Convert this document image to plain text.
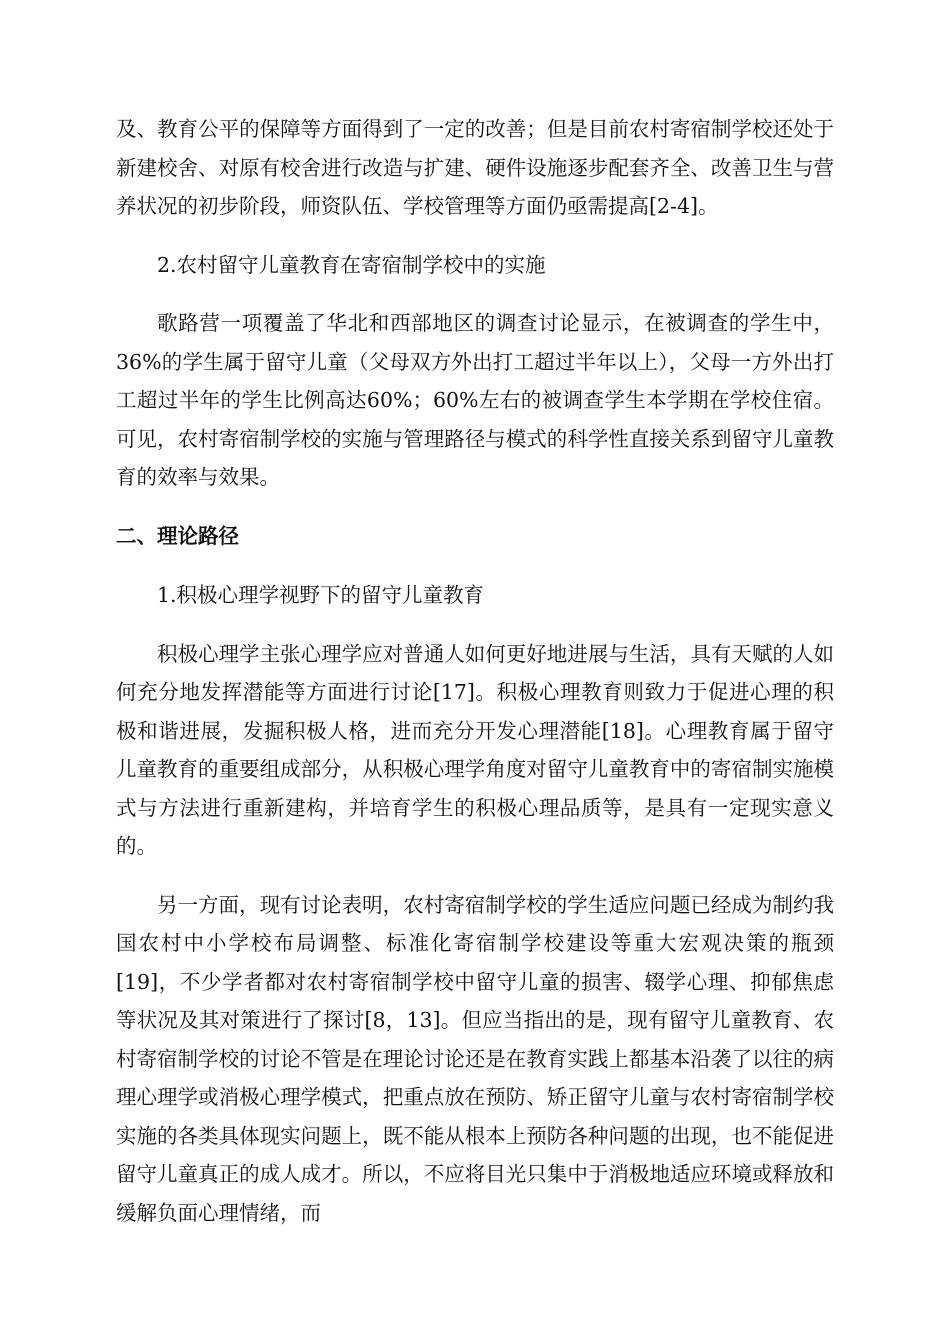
及、教育公平的保障等方面得到了一定的改善；但是目前农村寄宿制学校还处于新建校舍、对原有校舍进行改造与扩建、硬件设施逐步配套齐全、改善卫生与营养状况的初步阶段，师资队伍、学校管理等方面仍亟需提高[2-4]。

2.农村留守儿童教育在寄宿制学校中的实施

歌路营一项覆盖了华北和西部地区的调查讨论显示，在被调查的学生中，36%的学生属于留守儿童（父母双方外出打工超过半年以上），父母一方外出打工超过半年的学生比例高达60%；60%左右的被调查学生本学期在学校住宿。可见，农村寄宿制学校的实施与管理路径与模式的科学性直接关系到留守儿童教育的效率与效果。

二、理论路径

1.积极心理学视野下的留守儿童教育

积极心理学主张心理学应对普通人如何更好地进展与生活，具有天赋的人如何充分地发挥潜能等方面进行讨论[17]。积极心理教育则致力于促进心理的积极和谐进展，发掘积极人格，进而充分开发心理潜能[18]。心理教育属于留守儿童教育的重要组成部分，从积极心理学角度对留守儿童教育中的寄宿制实施模式与方法进行重新建构，并培育学生的积极心理品质等，是具有一定现实意义的。

另一方面，现有讨论表明，农村寄宿制学校的学生适应问题已经成为制约我国农村中小学校布局调整、标准化寄宿制学校建设等重大宏观决策的瓶颈[19]，不少学者都对农村寄宿制学校中留守儿童的损害、辍学心理、抑郁焦虑等状况及其对策进行了探讨[8，13]。但应当指出的是，现有留守儿童教育、农村寄宿制学校的讨论不管是在理论讨论还是在教育实践上都基本沿袭了以往的病理心理学或消极心理学模式，把重点放在预防、矫正留守儿童与农村寄宿制学校实施的各类具体现实问题上，既不能从根本上预防各种问题的出现，也不能促进留守儿童真正的成人成才。所以，不应将目光只集中于消极地适应环境或释放和缓解负面心理情绪，而
